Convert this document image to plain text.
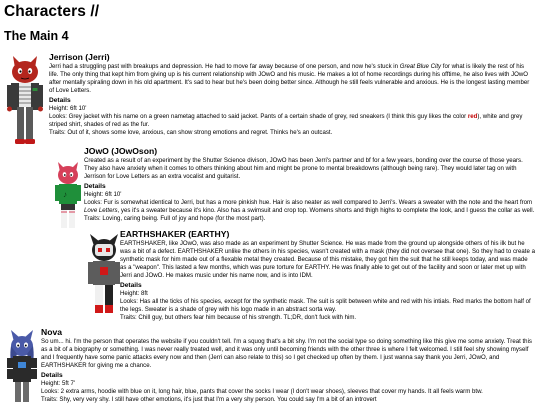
Characters //
The Main 4
Jerrison (Jerri)
Jerri had a struggling past with breakups and depression. He had to move far away because of one person, and now he's stuck in Great Blue City for what is likely the rest of his life. The only thing that kept him from giving up is his current relationship with JOwO and his music. He makes a lot of home recordings during his offtime, he also lives with JOwO after mentally spiraling down in his old apartment. It's sad to hear but he's been doing better since. Although he still feels vulnerable and anxious. He is the longest lasting member of Love Letters.
Details
Height: 6ft 10'
Looks: Grey jacket with his name on a green nametag attached to said jacket. Pants of a certain shade of grey, red sneakers (I think this guy likes the color red), white and grey striped shirt, shades of red as the fur.
Traits: Out of it, shows some love, anxious, can show strong emotions and regret. Thinks he's an outcast.
♪
JOwO (JOwOson)
Created as a result of an experiment by the Shutter Science divison, JOwO has been Jerri's partner and bf for a few years, bonding over the course of those years. They also have anxiety when it comes to others thinking about him and might be prone to mental breakdowns (although being rare). They would later tag on with Jerrison for Love Letters as an extra vocalist and guitarist.
Details
Height: 6ft 10'
Looks: Fur is somewhat identical to Jerri, but has a more pinkish hue. Hair is also neater as well compared to Jerri's. Wears a sweater with the note and the heart from Love Letters, yes it's a sweater because it's kino. Also has a swimsuit and crop top. Womens shorts and thigh highs to complete the look, and I guess the collar as well.
Traits: Loving, caring being. Full of joy and hope (for the most part).
EARTHSHAKER (EARTHY)
EARTHSHAKER, like JOwO, was also made as an experiment by Shutter Science. He was made from the ground up alongside others of his ilk but he was a bit of a defect. EARTHSHAKER unlike the others in his species, wasn't created with a mask (they did not oversee that one). So they had to create a synthetic mask for him made out of a flexable metal they created. Because of this mistake, they got him the suit that he still keeps today, and was made as a "weapon". This lasted a few months, which was pure torture for EARTHY. He was finally able to get out of the facility and soon or later met up with Jerri and JOwO. He makes music under his name now, and is into IDM.
Details
Height: 8ft
Looks: Has all the ticks of his species, except for the synthetic mask. The suit is split between white and red with his intials. Red marks the bottom half of the legs. Sweater is a shade of grey with his logo made in an abstract sorta way.
Traits: Chill guy, but others fear him because of his strength. TL;DR, don't fuck with him.
Nova
So um... hi. I'm the person that operates the website if you couldn't tell. I'm a squog that's a bit shy. I'm not the social type so doing something like this give me some anxiety. Treat this as a bit of a biography or something. I was never really treated well, and it was only until becoming friends with the other three is where I felt welcomed. I still feel shy showing myself and I frequently have some panic attacks every now and then (Jerri can also relate to this) so I get checked up often by them. I just wanna say thank you Jerri, JOwO, and EARTHSHAKER for giving me a chance.
Details
Height: 5ft 7'
Looks: 2 extra arms, hoodie with blue on it, long hair, blue, pants that cover the socks I wear (I don't wear shoes), sleeves that cover my hands. It all feels warm btw.
Traits: Shy, very very shy. I still have other emotions, it's just that I'm a very shy person. You could say I'm a bit of an introvert
